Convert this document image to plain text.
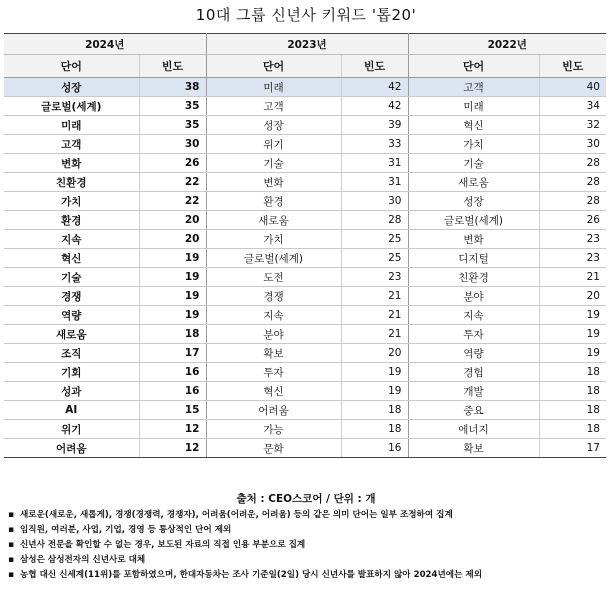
10대 그룹 신년사 키워드 '톱20'
2024년		2023년		2022년	
단어	빈도	단어	빈도	단어	빈도
성장	38	미래	42	고객	40
글로벌(세계)	35	고객	42	미래	34
미래	35	성장	39	혁신	32
고객	30	위기	33	가치	30
변화	26	기술	31	기술	28
친환경	22	변화	31	새로움	28
가치	22	환경	30	성장	28
환경	20	새로움	28	글로벌(세계)	26
지속	20	가치	25	변화	23
혁신	19	글로벌(세계)	25	디지털	23
기술	19	도전	23	친환경	21
경쟁	19	경쟁	21	분야	20
역량	19	지속	21	지속	19
새로움	18	분야	21	투자	19
조직	17	확보	20	역량	19
기회	16	투자	19	경험	18
성과	16	혁신	19	개발	18
AI	15	어려움	18	중요	18
위기	12	가능	18	에너지	18
어려움	12	문화	16	확보	17
출처 : CEO스코어 / 단위 : 개
▪ 새로운(새로운, 새롭게), 경쟁(경쟁력, 경쟁자), 어려움(어려운, 어려움) 등의 같은 의미 단어는 일부 조정하여 집계
▪ 임직원, 여러분, 사업, 기업, 경영 등 통상적인 단어 제외
▪ 신년사 전문을 확인할 수 없는 경우, 보도된 자료의 직접 인용 부분으로 집계
▪ 삼성은 삼성전자의 신년사로 대체
▪ 농협 대신 신세계(11위)를 포함하였으며, 한대자동차는 조사 기준일(2일) 당시 신년사를 발표하지 않아 2024년에는 제외
